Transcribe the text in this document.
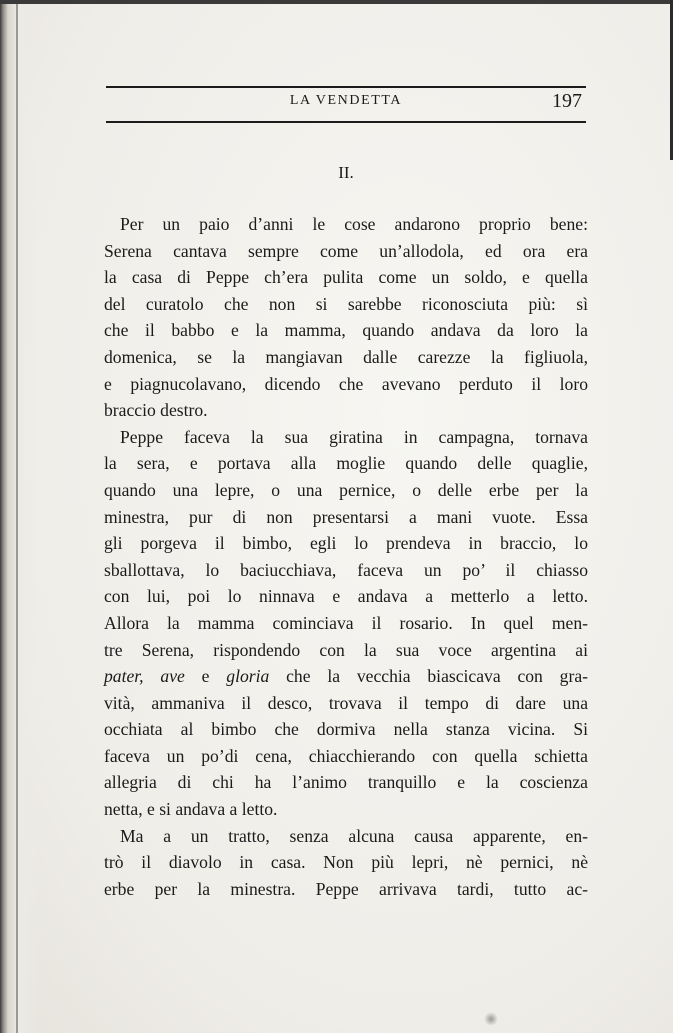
LA VENDETTA	197
II.
Per un paio d’anni le cose andarono proprio bene:
Serena cantava sempre come un’allodola, ed ora era
la casa di Peppe ch’era pulita come un soldo, e quella
del curatolo che non si sarebbe riconosciuta più: sì
che il babbo e la mamma, quando andava da loro la
domenica, se la mangiavan dalle carezze la figliuola,
e piagnucolavano, dicendo che avevano perduto il loro
braccio destro.
Peppe faceva la sua giratina in campagna, tornava
la sera, e portava alla moglie quando delle quaglie,
quando una lepre, o una pernice, o delle erbe per la
minestra, pur di non presentarsi a mani vuote. Essa
gli porgeva il bimbo, egli lo prendeva in braccio, lo
sballottava, lo baciucchiava, faceva un po’ il chiasso
con lui, poi lo ninnava e andava a metterlo a letto.
Allora la mamma cominciava il rosario. In quel men-
tre Serena, rispondendo con la sua voce argentina ai
pater, ave e gloria che la vecchia biascicava con gra-
vità, ammaniva il desco, trovava il tempo di dare una
occhiata al bimbo che dormiva nella stanza vicina. Si
faceva un po’di cena, chiacchierando con quella schietta
allegria di chi ha l’animo tranquillo e la coscienza
netta, e si andava a letto.
Ma a un tratto, senza alcuna causa apparente, en-
trò il diavolo in casa. Non più lepri, nè pernici, nè
erbe per la minestra. Peppe arrivava tardi, tutto ac-
